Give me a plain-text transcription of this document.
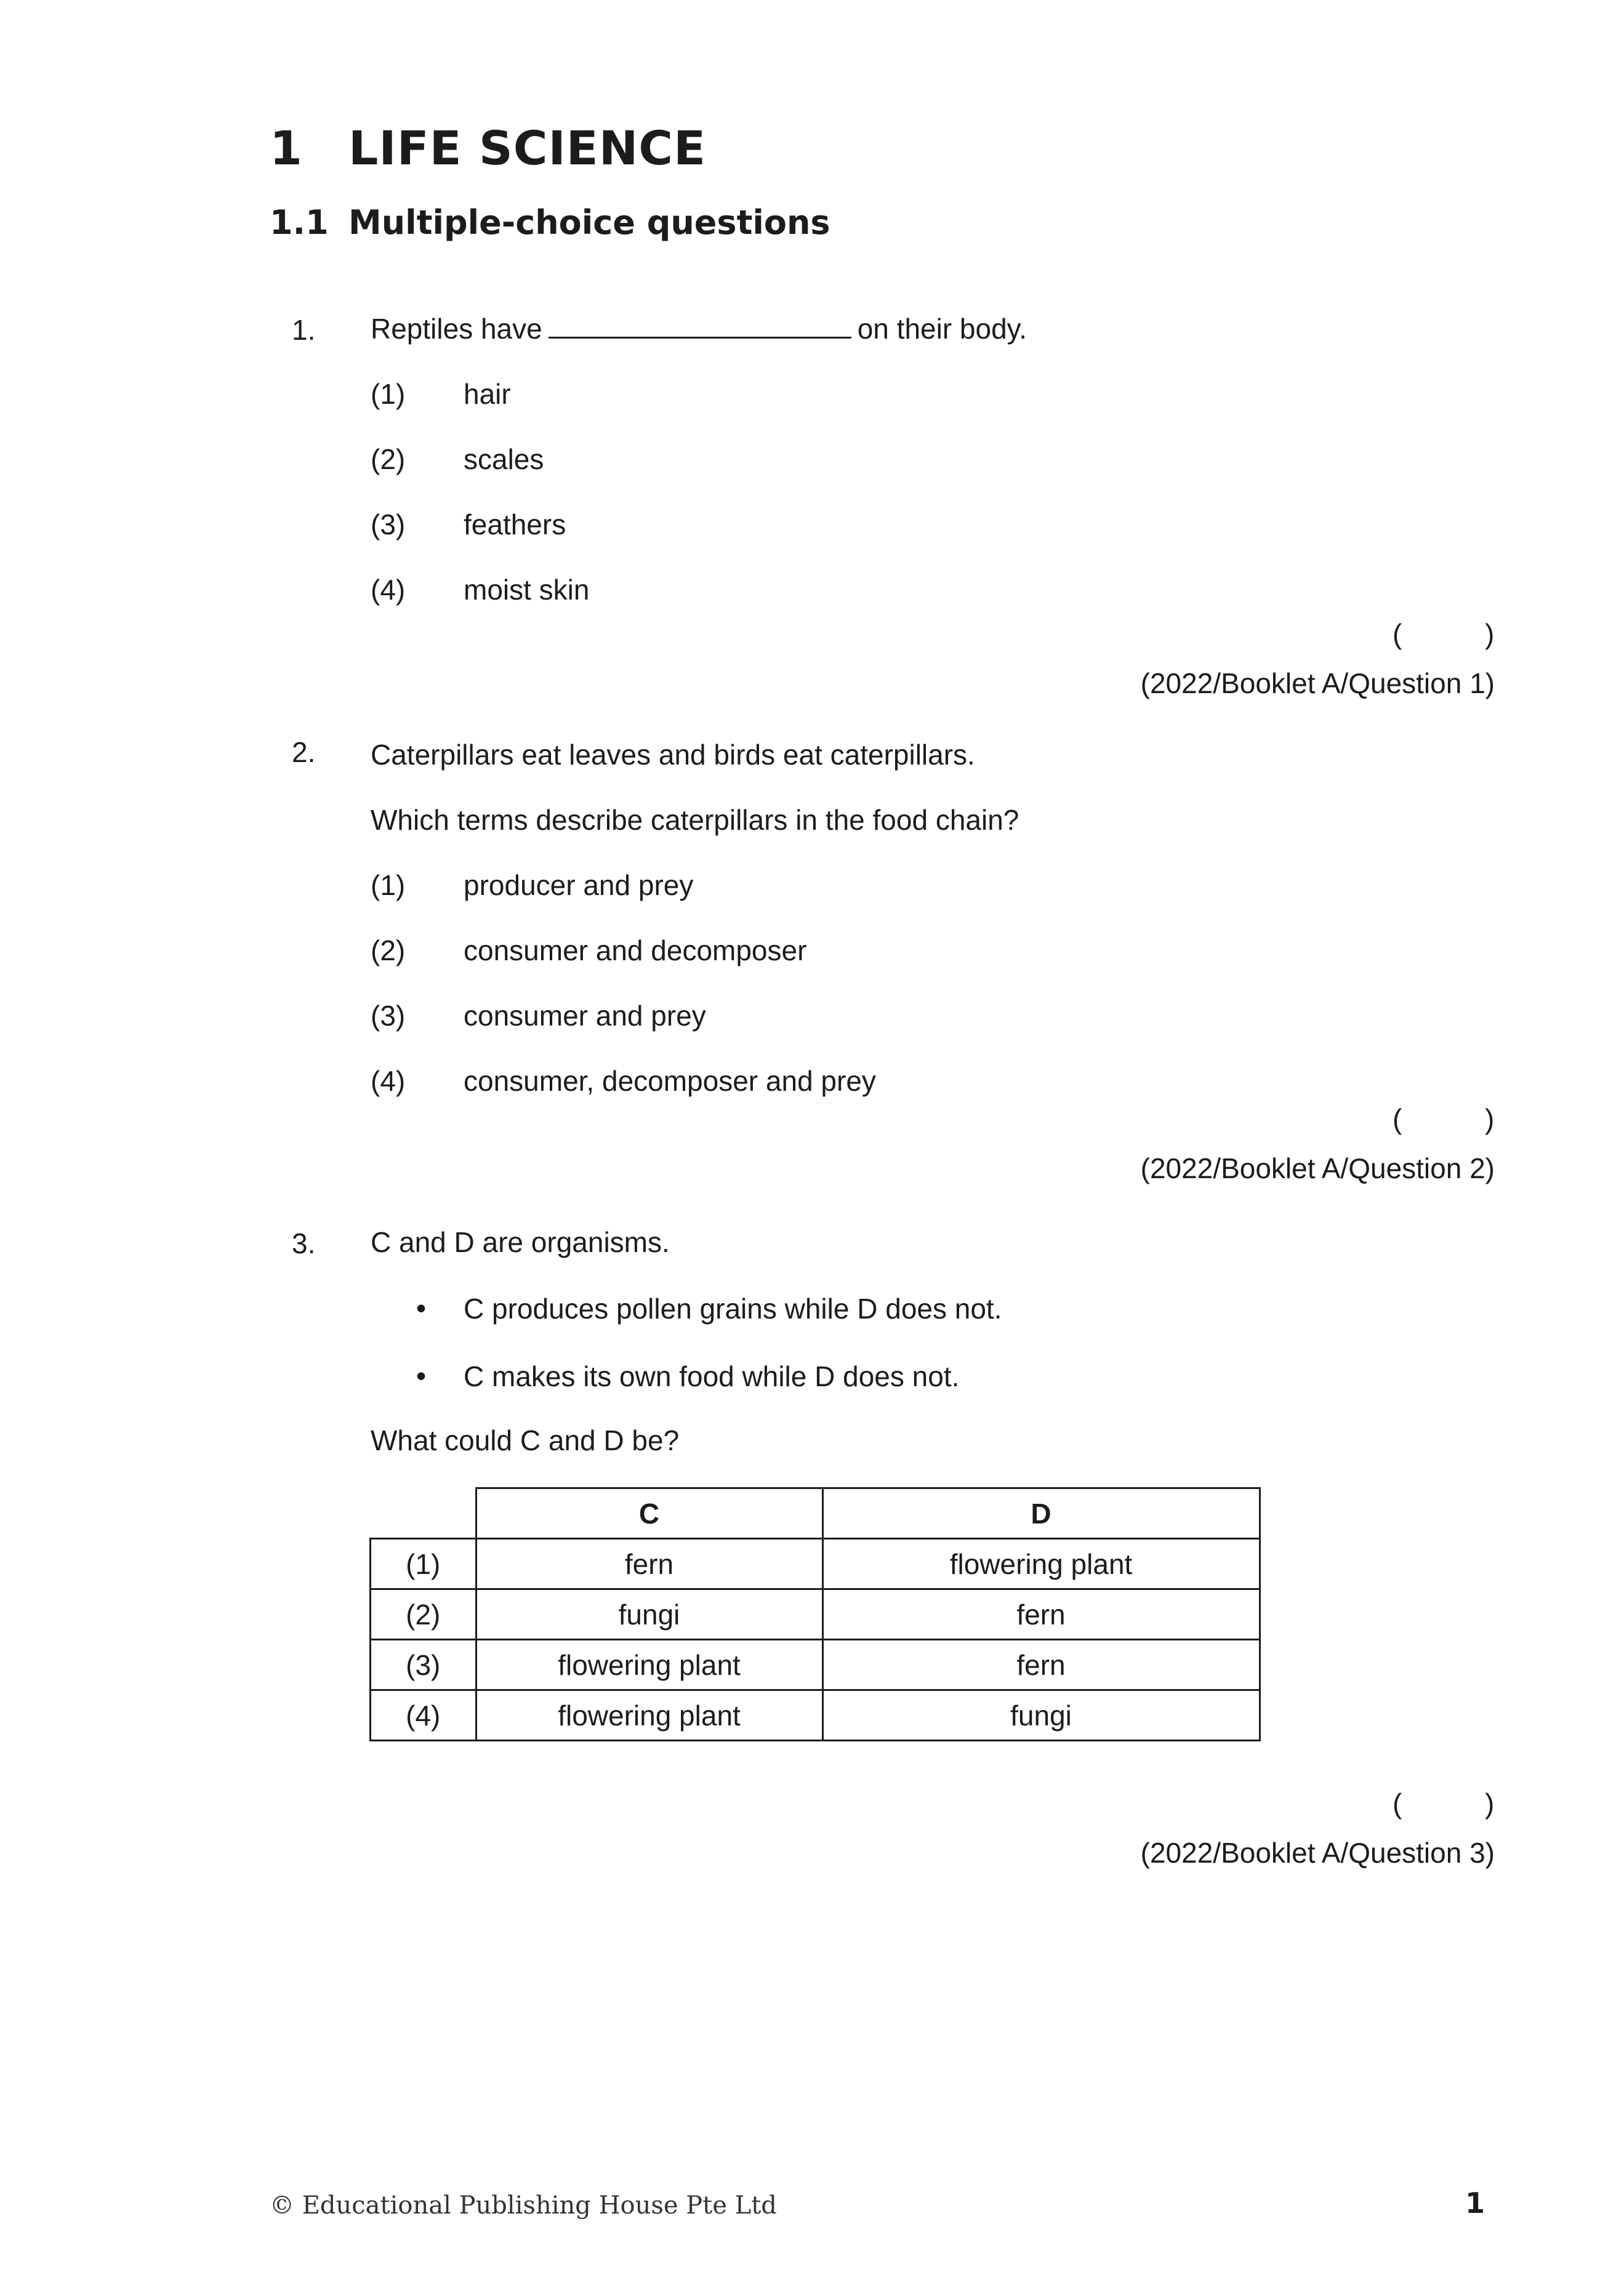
1 LIFE SCIENCE
1.1 Multiple-choice questions
1. Reptiles have	on their body.
(1) hair
(2) scales
(3) feathers
(4) moist skin
(	)
(2022/Booklet A/Question 1)
2. Caterpillars eat leaves and birds eat caterpillars.
Which terms describe caterpillars in the food chain?
(1) producer and prey
(2) consumer and decomposer
(3) consumer and prey
(4) consumer, decomposer and prey
(	)
(2022/Booklet A/Question 2)
3. C and D are organisms.
• C produces pollen grains while D does not.
• C makes its own food while D does not.
What could C and D be?
	C	D
(1)	fern	flowering plant
(2)	fungi	fern
(3)	flowering plant	fern
(4)	flowering plant	fungi
(	)
(2022/Booklet A/Question 3)
© Educational Publishing House Pte Ltd	1
